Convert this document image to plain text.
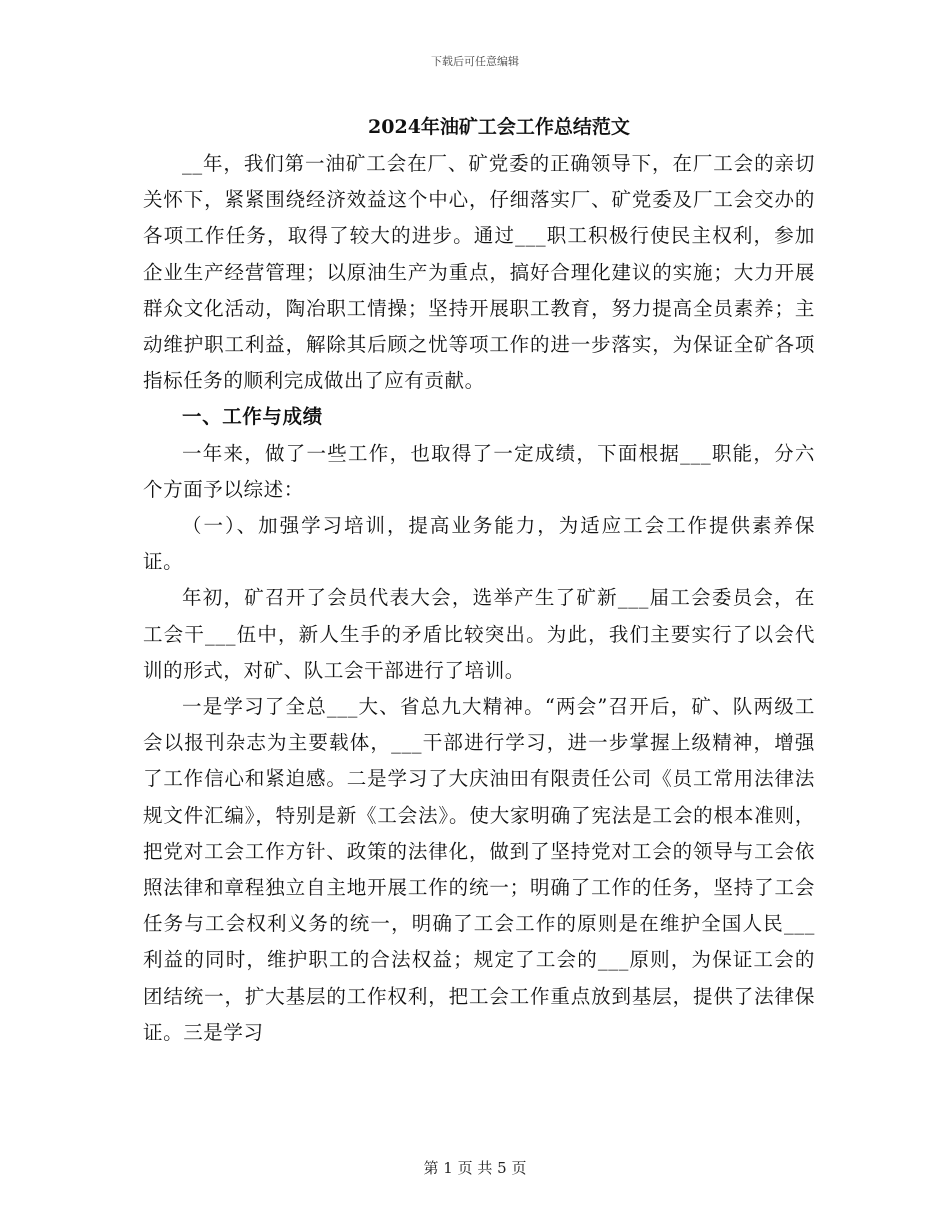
下载后可任意编辑
2024年油矿工会工作总结范文

__年，我们第一油矿工会在厂、矿党委的正确领导下，在厂工会的亲切关怀下，紧紧围绕经济效益这个中心，仔细落实厂、矿党委及厂工会交办的各项工作任务，取得了较大的进步。通过___职工积极行使民主权利，参加企业生产经营管理；以原油生产为重点，搞好合理化建议的实施；大力开展群众文化活动，陶冶职工情操；坚持开展职工教育，努力提高全员素养；主动维护职工利益，解除其后顾之忧等项工作的进一步落实，为保证全矿各项指标任务的顺利完成做出了应有贡献。

一、工作与成绩

一年来，做了一些工作，也取得了一定成绩，下面根据___职能，分六个方面予以综述：

（一）、加强学习培训，提高业务能力，为适应工会工作提供素养保证。

年初，矿召开了会员代表大会，选举产生了矿新___届工会委员会，在工会干___伍中，新人生手的矛盾比较突出。为此，我们主要实行了以会代训的形式，对矿、队工会干部进行了培训。

一是学习了全总___大、省总九大精神。“两会”召开后，矿、队两级工会以报刊杂志为主要载体，___干部进行学习，进一步掌握上级精神，增强了工作信心和紧迫感。二是学习了大庆油田有限责任公司《员工常用法律法规文件汇编》，特别是新《工会法》。使大家明确了宪法是工会的根本准则，把党对工会工作方针、政策的法律化，做到了坚持党对工会的领导与工会依照法律和章程独立自主地开展工作的统一；明确了工作的任务，坚持了工会任务与工会权利义务的统一，明确了工会工作的原则是在维护全国人民___利益的同时，维护职工的合法权益；规定了工会的___原则，为保证工会的团结统一，扩大基层的工作权利，把工会工作重点放到基层，提供了法律保证。三是学习

第 1 页 共 5 页
